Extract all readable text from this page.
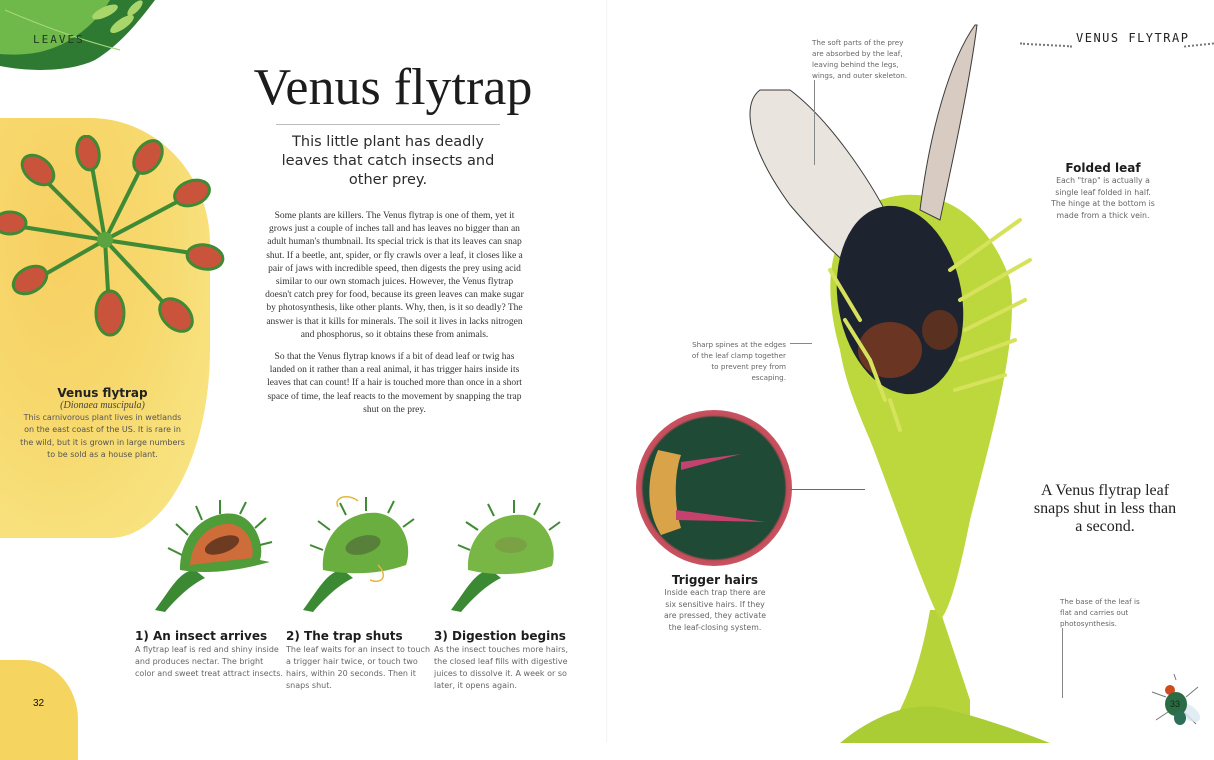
LEAVES
Venus flytrap
This little plant has deadly leaves that catch insects and other prey.

Some plants are killers. The Venus flytrap is one of them, yet it grows just a couple of inches tall and has leaves no bigger than an adult human's thumbnail. Its special trick is that its leaves can snap shut. If a beetle, ant, spider, or fly crawls over a leaf, it closes like a pair of jaws with incredible speed, then digests the prey using acid similar to our own stomach juices. However, the Venus flytrap doesn't catch prey for food, because its green leaves can make sugar by photosynthesis, like other plants. Why, then, is it so deadly? The answer is that it kills for minerals. The soil it lives in lacks nitrogen and phosphorus, so it obtains these from animals.

So that the Venus flytrap knows if a bit of dead leaf or twig has landed on it rather than a real animal, it has trigger hairs inside its leaves that can count! If a hair is touched more than once in a short space of time, the leaf reacts to the movement by snapping the trap shut on the prey.

Venus flytrap
(Dionaea muscipula)
This carnivorous plant lives in wetlands on the east coast of the US. It is rare in the wild, but it is grown in large numbers to be sold as a house plant.
1) An insect arrives
A flytrap leaf is red and shiny inside and produces nectar. The bright color and sweet treat attract insects.
2) The trap shuts
The leaf waits for an insect to touch a trigger hair twice, or touch two hairs, within 20 seconds. Then it snaps shut.
3) Digestion begins
As the insect touches more hairs, the closed leaf fills with digestive juices to dissolve it. A week or so later, it opens again.
32
VENUS FLYTRAP
The soft parts of the prey are absorbed by the leaf, leaving behind the legs, wings, and outer skeleton.
Sharp spines at the edges of the leaf clamp together to prevent prey from escaping.
The base of the leaf is flat and carries out photosynthesis.
Folded leaf
Each "trap" is actually a single leaf folded in half. The hinge at the bottom is made from a thick vein.
Trigger hairs
Inside each trap there are six sensitive hairs. If they are pressed, they activate the leaf-closing system.
A Venus flytrap leaf snaps shut in less than a second.
33
